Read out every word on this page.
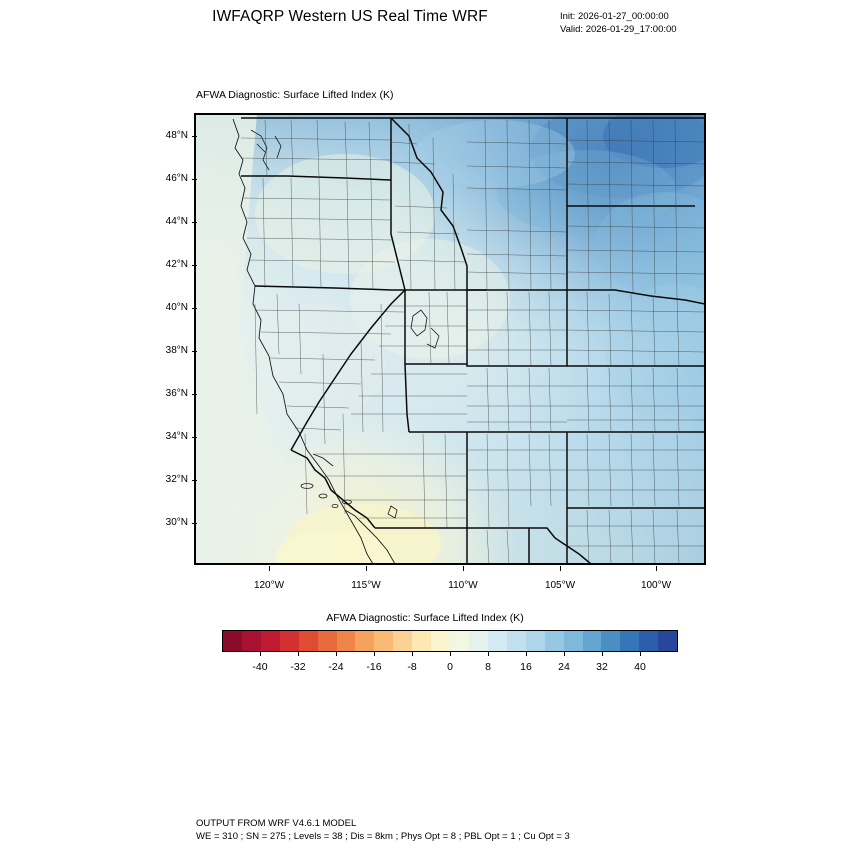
IWFAQRP Western US Real Time WRF	Init: 2026-01-27_00:00:00
Valid: 2026-01-29_17:00:00
AFWA Diagnostic: Surface Lifted Index (K)
48°N
46°N
44°N
42°N
40°N
38°N
36°N
34°N
32°N
30°N
120°W	115°W	110°W	105°W	100°W
AFWA Diagnostic: Surface Lifted Index (K)
-40	-32	-24	-16	-8	0	8	16	24	32	40
OUTPUT FROM WRF V4.6.1 MODEL
WE = 310 ; SN = 275 ; Levels = 38 ; Dis = 8km ; Phys Opt = 8 ; PBL Opt = 1 ; Cu Opt = 3
